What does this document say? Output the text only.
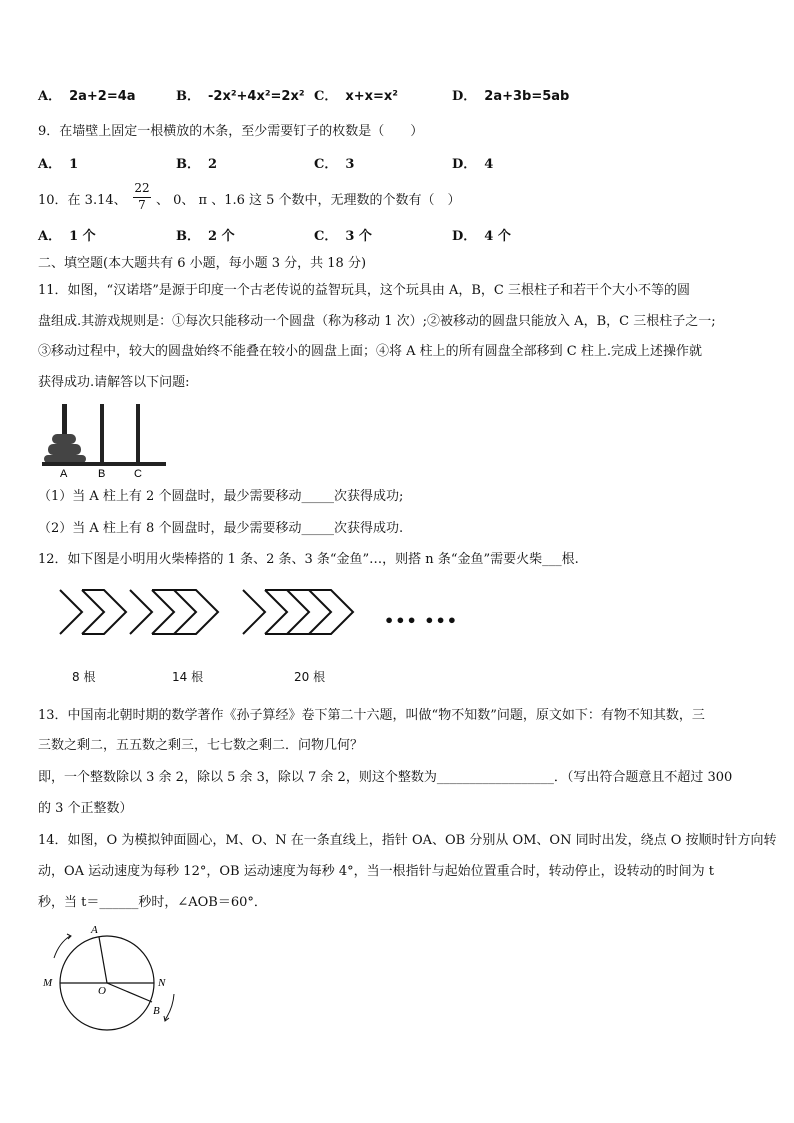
A． 2a+2=4a	B． -2x²+4x²=2x² C． x+x=x²	D． 2a+3b=5ab
9．在墙壁上固定一根横放的木条，至少需要钉子的枚数是（　　）
A． 1	B． 2	C． 3	D． 4
10．在 3.14、
22
7 、 0、 π 、1.6 这 5 个数中，无理数的个数有（　）
A． 1 个	B． 2 个	C． 3 个	D． 4 个
二、填空题(本大题共有 6 小题，每小题 3 分，共 18 分)
11．如图，“汉诺塔”是源于印度一个古老传说的益智玩具，这个玩具由 A，B，C 三根柱子和若干个大小不等的圆
盘组成.其游戏规则是：①每次只能移动一个圆盘（称为移动 1 次）;②被移动的圆盘只能放入 A，B，C 三根柱子之一;
③移动过程中，较大的圆盘始终不能叠在较小的圆盘上面；④将 A 柱上的所有圆盘全部移到 C 柱上.完成上述操作就
获得成功.请解答以下问题:
A	B	C
（1）当 A 柱上有 2 个圆盘时，最少需要移动_____次获得成功;
（2）当 A 柱上有 8 个圆盘时，最少需要移动_____次获得成功.
12．如下图是小明用火柴棒搭的 1 条、2 条、3 条“金鱼”…，则搭 n 条“金鱼”需要火柴___根.
••• •••
8 根	14 根	20 根
13．中国南北朝时期的数学著作《孙子算经》卷下第二十六题，叫做“物不知数”问题，原文如下：有物不知其数，三
三数之剩二，五五数之剩三，七七数之剩二．问物几何？
即，一个整数除以 3 余 2，除以 5 余 3，除以 7 余 2，则这个整数为__________________．（写出符合题意且不超过 300
的 3 个正整数）
14．如图，O 为模拟钟面圆心，M、O、N 在一条直线上，指针 OA、OB 分别从 OM、ON 同时出发，绕点 O 按顺时针方向转
动，OA 运动速度为每秒 12°，OB 运动速度为每秒 4°，当一根指针与起始位置重合时，转动停止，设转动的时间为 t
秒，当 t＝______秒时，∠AOB＝60°．
A
M	N
O
B
